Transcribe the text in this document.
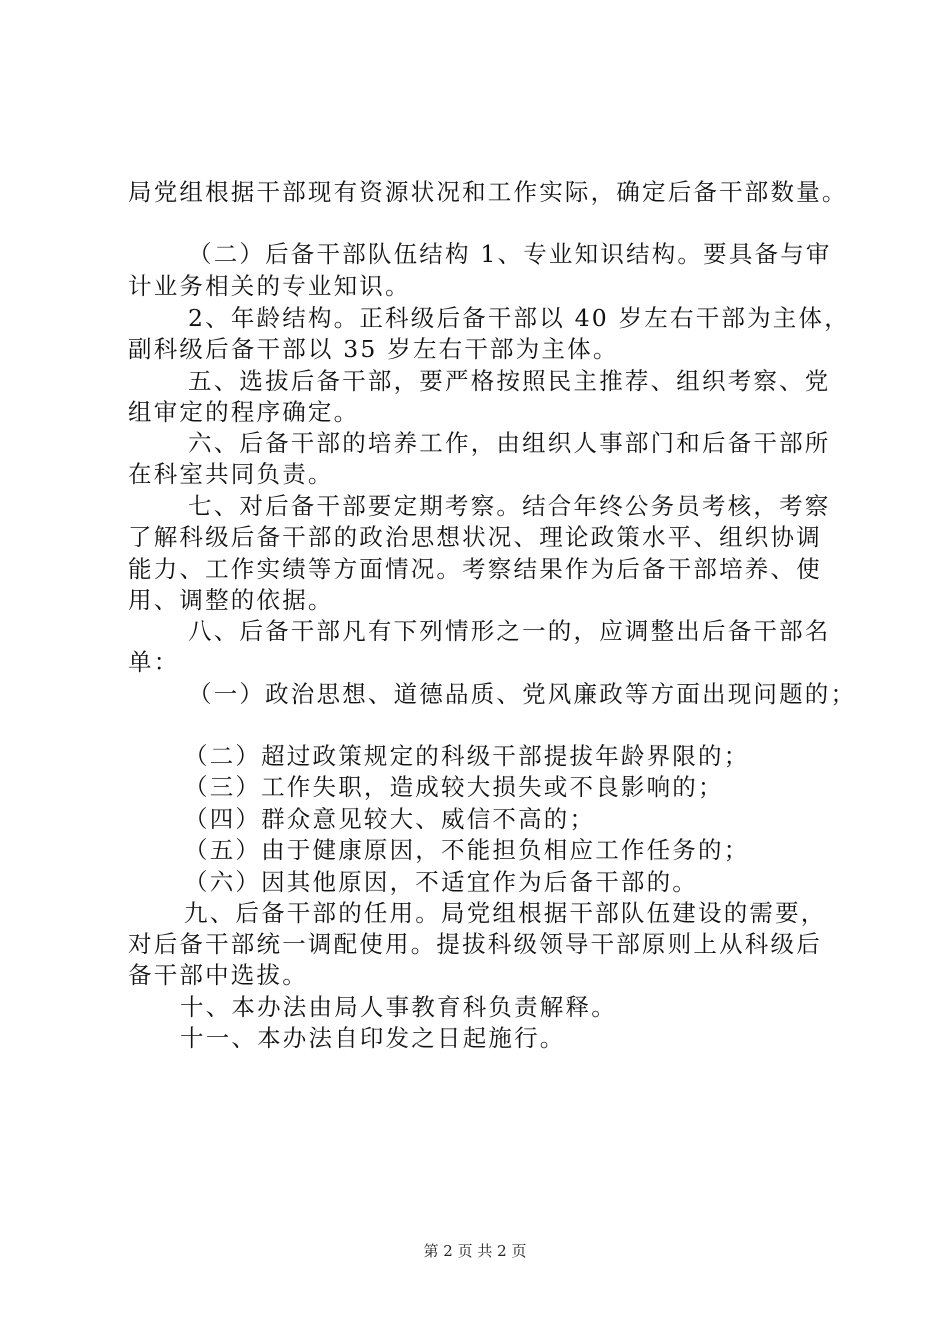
局党组根据干部现有资源状况和工作实际，确定后备干部数量。
（二）后备干部队伍结构 1、专业知识结构。要具备与审
计业务相关的专业知识。
2、年龄结构。正科级后备干部以 40 岁左右干部为主体，
副科级后备干部以 35 岁左右干部为主体。
五、选拔后备干部，要严格按照民主推荐、组织考察、党
组审定的程序确定。
六、后备干部的培养工作，由组织人事部门和后备干部所
在科室共同负责。
七、对后备干部要定期考察。结合年终公务员考核，考察
了解科级后备干部的政治思想状况、理论政策水平、组织协调
能力、工作实绩等方面情况。考察结果作为后备干部培养、使
用、调整的依据。
八、后备干部凡有下列情形之一的，应调整出后备干部名
单：
（一）政治思想、道德品质、党风廉政等方面出现问题的；
（二）超过政策规定的科级干部提拔年龄界限的；
（三）工作失职，造成较大损失或不良影响的；
（四）群众意见较大、威信不高的；
（五）由于健康原因，不能担负相应工作任务的；
（六）因其他原因，不适宜作为后备干部的。
九、后备干部的任用。局党组根据干部队伍建设的需要，
对后备干部统一调配使用。提拔科级领导干部原则上从科级后
备干部中选拔。
十、本办法由局人事教育科负责解释。
十一、本办法自印发之日起施行。
第 2 页 共 2 页
